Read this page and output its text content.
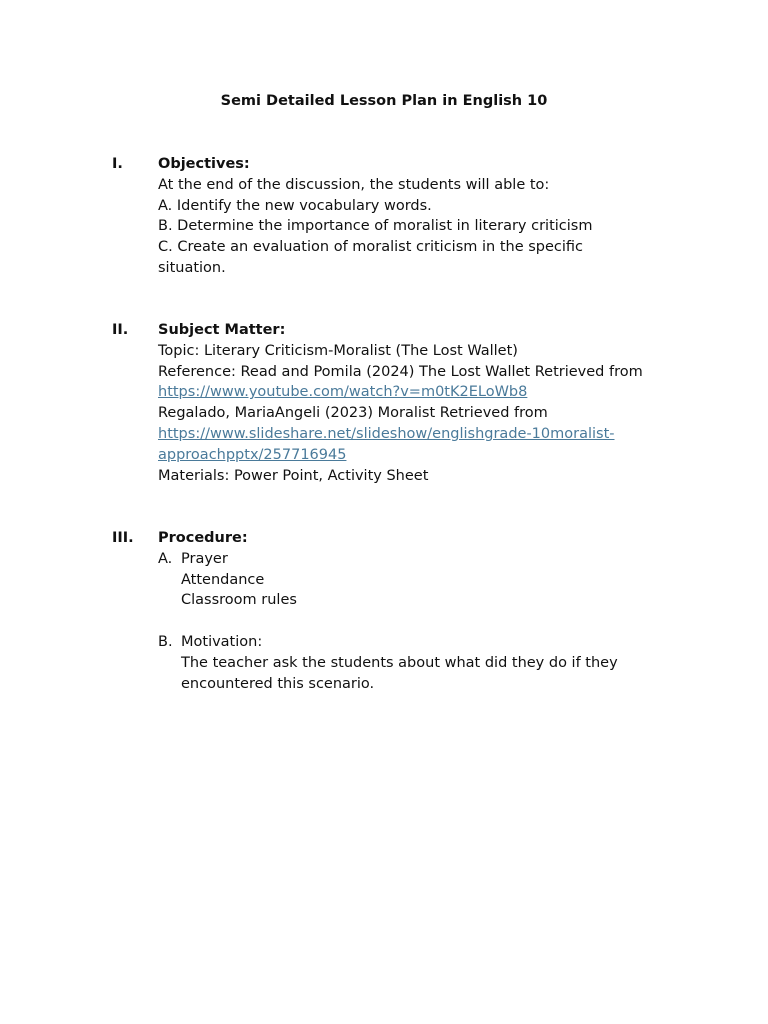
Semi Detailed Lesson Plan in English 10
I. Objectives:
At the end of the discussion, the students will able to:
A. Identify the new vocabulary words.
B. Determine the importance of moralist in literary criticism
C. Create an evaluation of moralist criticism in the specific
situation.
II. Subject Matter:
Topic: Literary Criticism-Moralist (The Lost Wallet)
Reference: Read and Pomila (2024) The Lost Wallet Retrieved from
https://www.youtube.com/watch?v=m0tK2ELoWb8
Regalado, MariaAngeli (2023) Moralist Retrieved from
https://www.slideshare.net/slideshow/englishgrade-10moralist-
approachpptx/257716945
Materials: Power Point, Activity Sheet
III. Procedure:
A. Prayer
Attendance
Classroom rules
B. Motivation:
The teacher ask the students about what did they do if they
encountered this scenario.
